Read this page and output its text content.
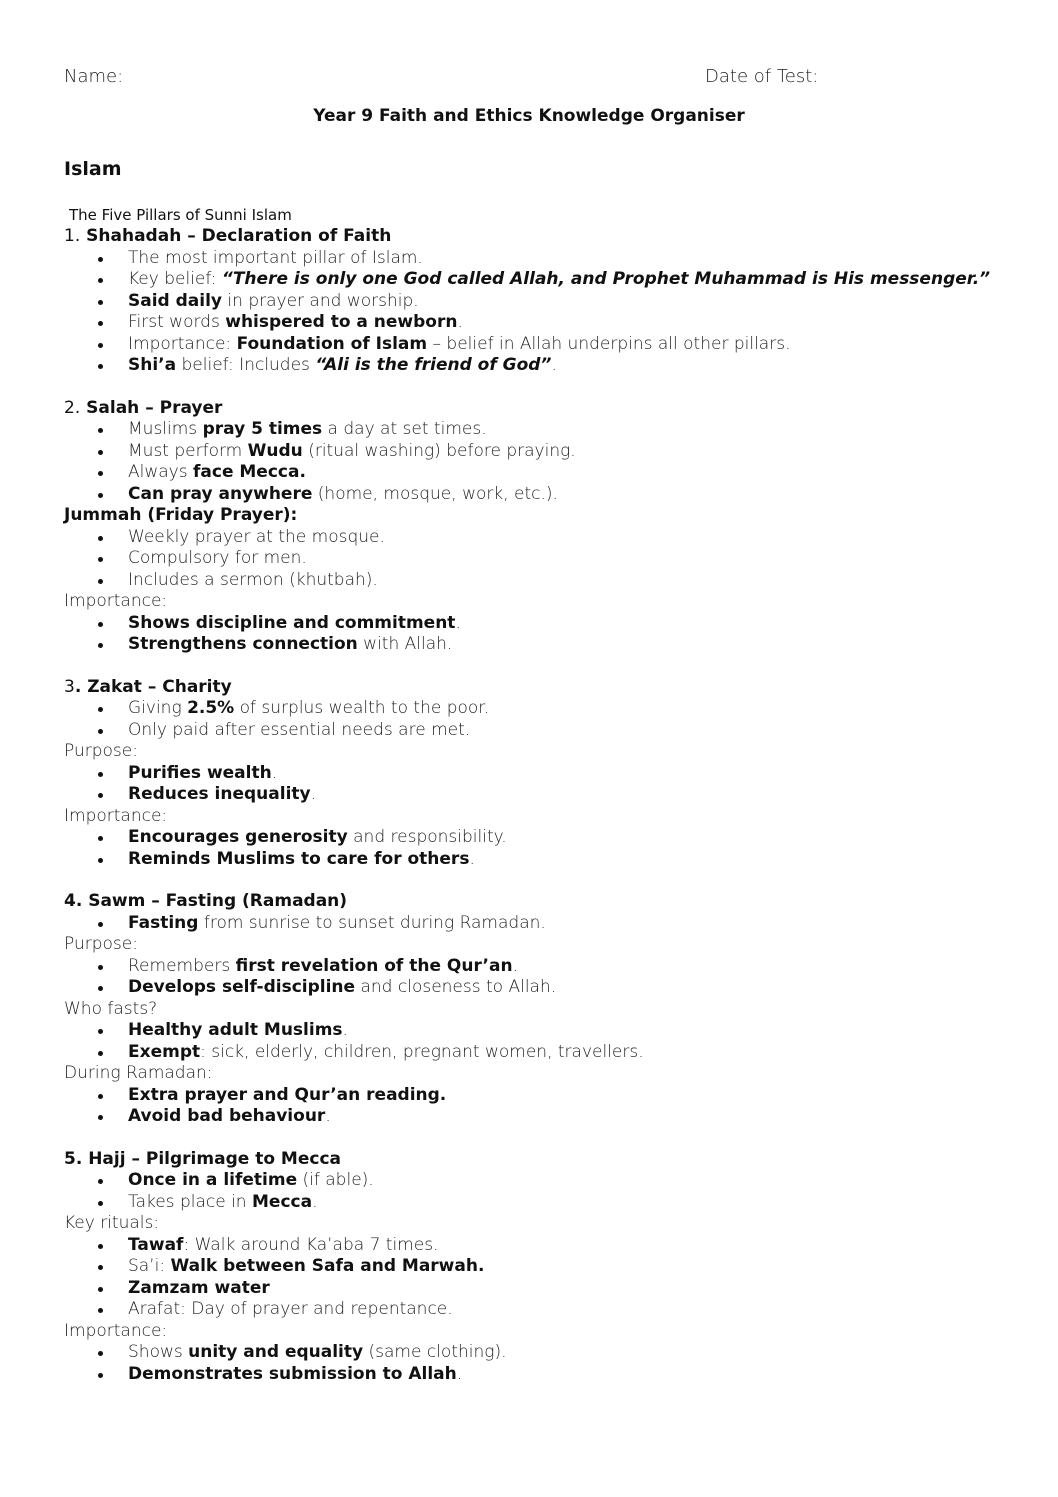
Name:	Date of Test:
Year 9 Faith and Ethics Knowledge Organiser
Islam
The Five Pillars of Sunni Islam
1. Shahadah – Declaration of Faith
The most important pillar of Islam.
Key belief: “There is only one God called Allah, and Prophet Muhammad is His messenger.”
Said daily in prayer and worship.
First words whispered to a newborn.
Importance: Foundation of Islam – belief in Allah underpins all other pillars.
Shi’a belief: Includes “Ali is the friend of God”.
2. Salah – Prayer
Muslims pray 5 times a day at set times.
Must perform Wudu (ritual washing) before praying.
Always face Mecca.
Can pray anywhere (home, mosque, work, etc.).
Jummah (Friday Prayer):
Weekly prayer at the mosque.
Compulsory for men.
Includes a sermon (khutbah).
Importance:
Shows discipline and commitment.
Strengthens connection with Allah.
3. Zakat – Charity
Giving 2.5% of surplus wealth to the poor.
Only paid after essential needs are met.
Purpose:
Purifies wealth.
Reduces inequality.
Importance:
Encourages generosity and responsibility.
Reminds Muslims to care for others.
4. Sawm – Fasting (Ramadan)
Fasting from sunrise to sunset during Ramadan.
Purpose:
Remembers first revelation of the Qur’an.
Develops self-discipline and closeness to Allah.
Who fasts?
Healthy adult Muslims.
Exempt: sick, elderly, children, pregnant women, travellers.
During Ramadan:
Extra prayer and Qur’an reading.
Avoid bad behaviour.
5. Hajj – Pilgrimage to Mecca
Once in a lifetime (if able).
Takes place in Mecca.
Key rituals:
Tawaf: Walk around Ka’aba 7 times.
Sa’i: Walk between Safa and Marwah.
Zamzam water
Arafat: Day of prayer and repentance.
Importance:
Shows unity and equality (same clothing).
Demonstrates submission to Allah.
